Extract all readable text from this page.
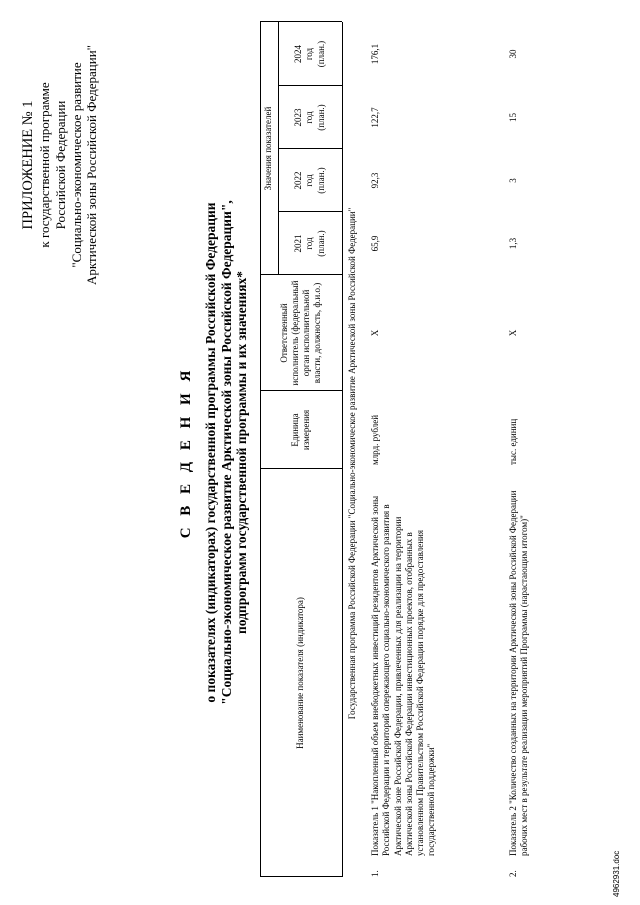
ПРИЛОЖЕНИЕ № 1 к государственной программе Российской Федерации "Социально-экономическое развитие Арктической зоны Российской Федерации"
С В Е Д Е Н И Я о показателях (индикаторах) государственной программы Российской Федерации "Социально-экономическое развитие Арктической зоны Российской Федерации", подпрограмм государственной программы и их значениях*
Наименование показателя (индикатора)
Единица измерения
Ответственный исполнитель (федеральный орган исполнительной власти, должность, ф.и.о.)
Значения показателей
2021 год (план.)
2022 год (план.)
2023 год (план.)
2024 год (план.)
Государственная программа Российской Федерации "Социально-экономическое развитие Арктической зоны Российской Федерации"
1.
Показатель 1 "Накопленный объем внебюджетных инвестиций резидентов Арктической зоны Российской Федерации и территорий опережающего социально-экономического развития в Арктической зоне Российской Федерации, привлеченных для реализации на территории Арктической зоны Российской Федерации инвестиционных проектов, отобранных в установленном Правительством Российской Федерации порядке для предоставления государственной поддержки"
млрд. рублей
X
65,9
92,3
122,7
176,1
2.
Показатель 2 "Количество созданных на территории Арктической зоны Российской Федерации рабочих мест в результате реализации мероприятий Программы (нарастающим итогом)"
тыс. единиц
X
1,3
3
15
30
4962931.doc
